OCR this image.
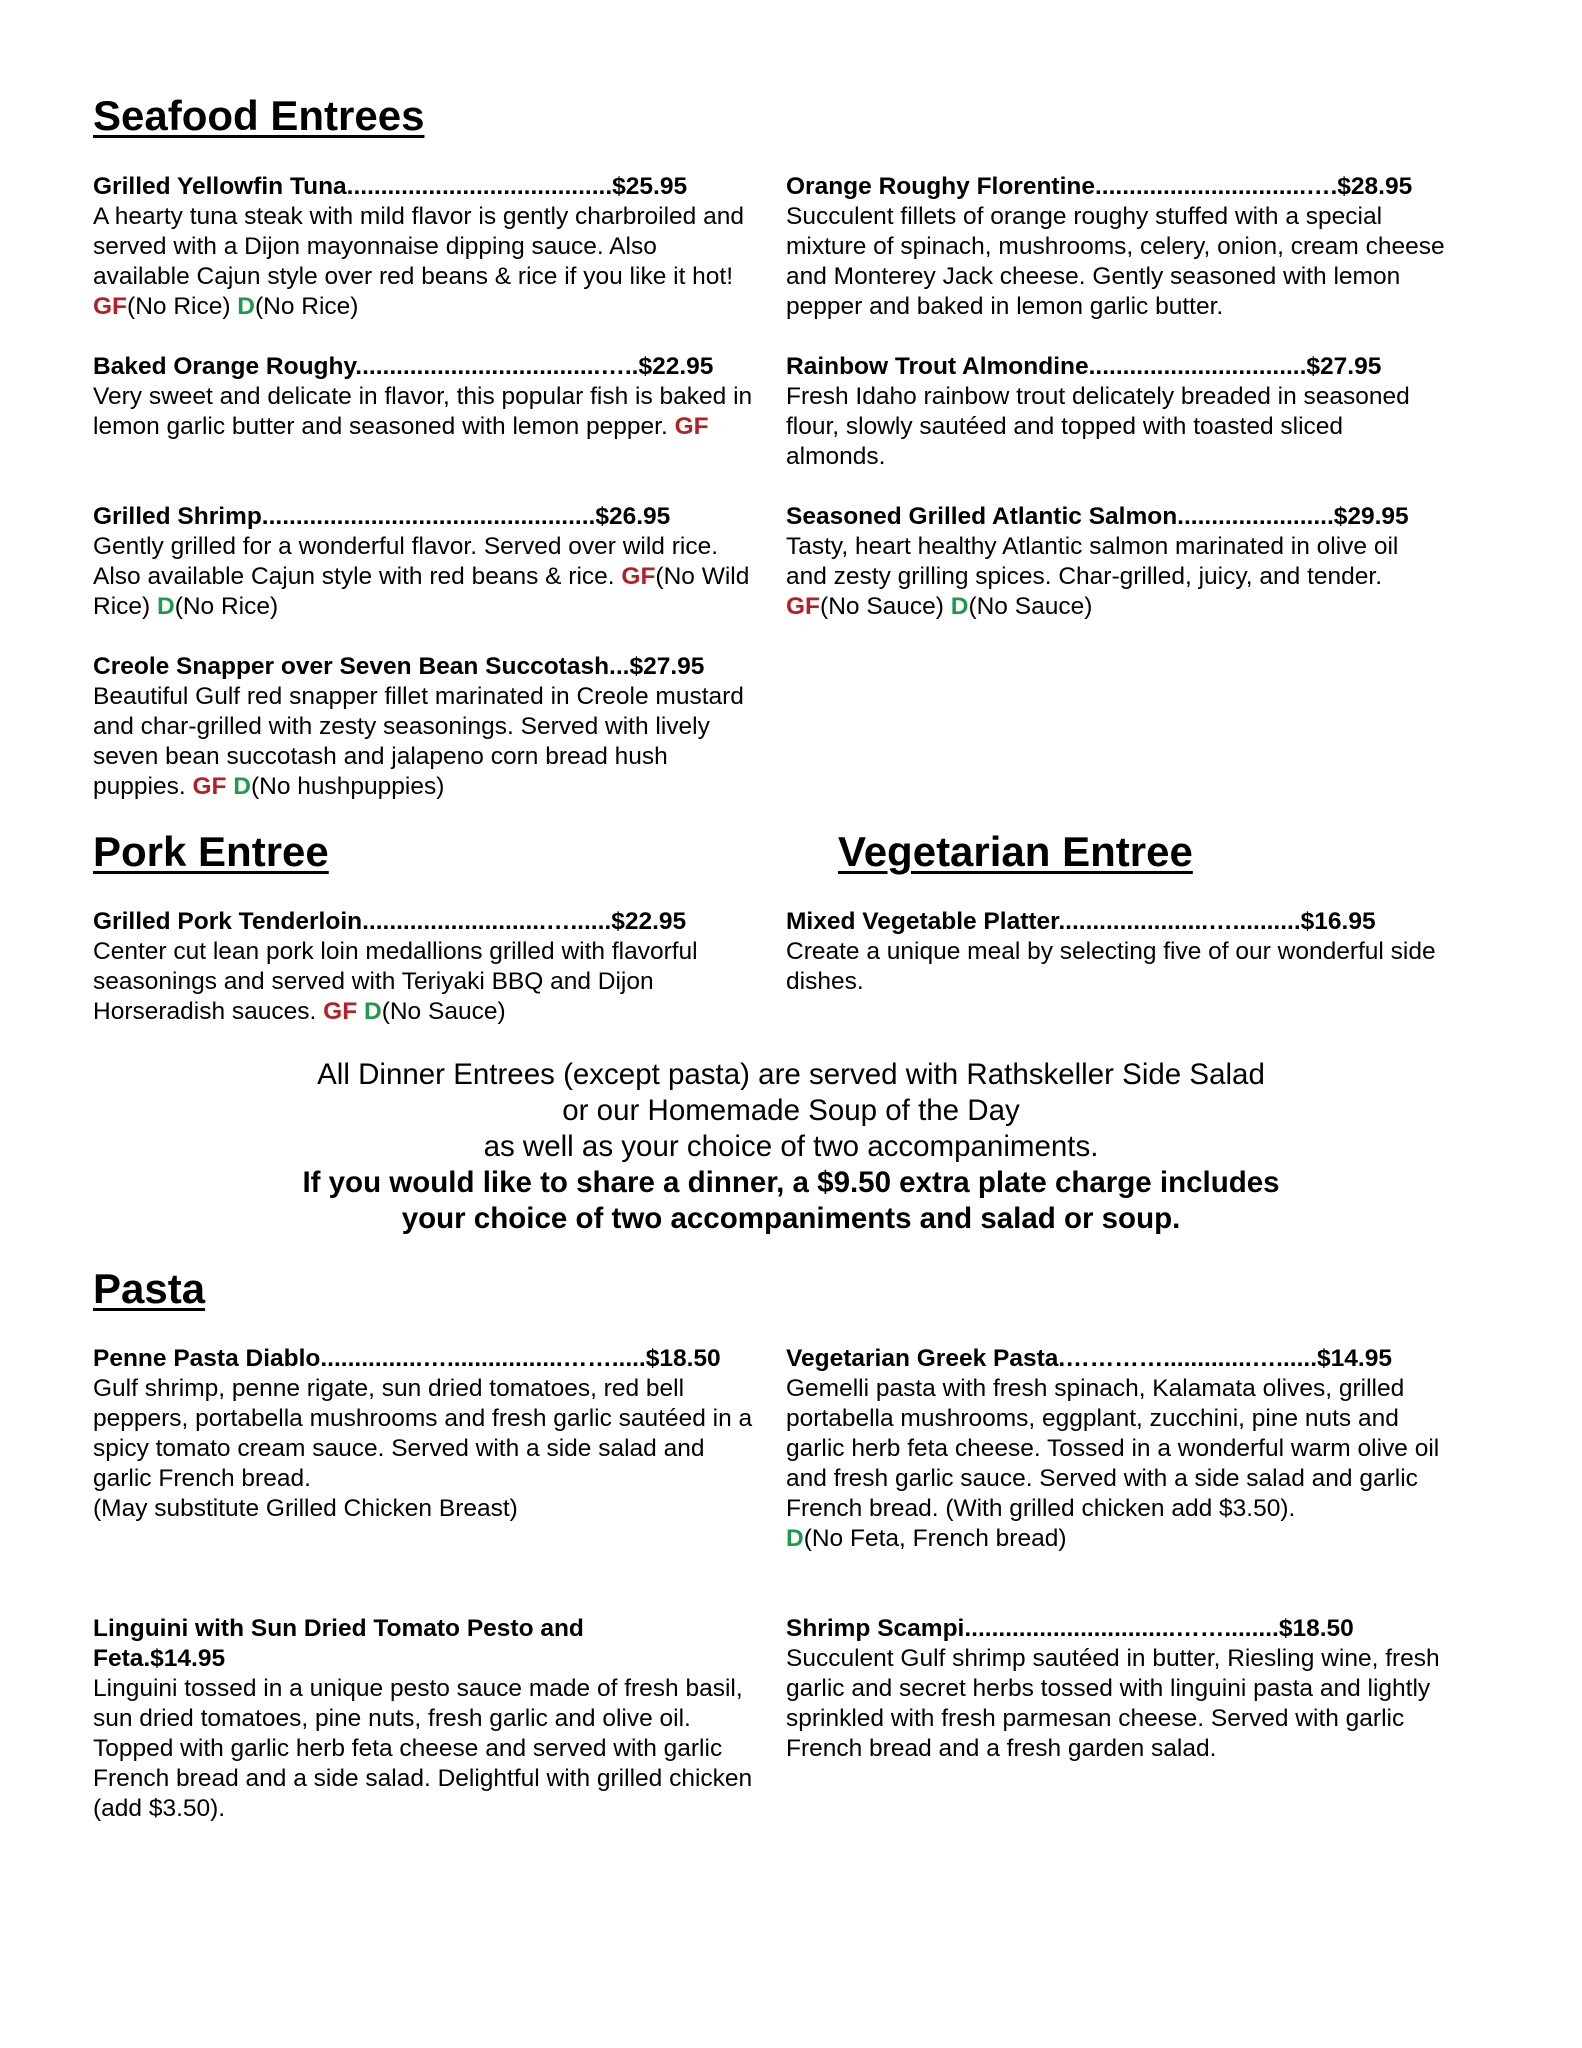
Seafood Entrees
Grilled Yellowfin Tuna.......................................$25.95
A hearty tuna steak with mild flavor is gently charbroiled and served with a Dijon mayonnaise dipping sauce. Also available Cajun style over red beans & rice if you like it hot! GF(No Rice) D(No Rice)
Orange Roughy Florentine...............................….$28.95
Succulent fillets of orange roughy stuffed with a special mixture of spinach, mushrooms, celery, onion, cream cheese and Monterey Jack cheese. Gently seasoned with lemon pepper and baked in lemon garlic butter.
Baked Orange Roughy....................................…..$22.95
Very sweet and delicate in flavor, this popular fish is baked in lemon garlic butter and seasoned with lemon pepper. GF
Rainbow Trout Almondine................................$27.95
Fresh Idaho rainbow trout delicately breaded in seasoned flour, slowly sautéed and topped with toasted sliced almonds.
Grilled Shrimp.................................................$26.95
Gently grilled for a wonderful flavor. Served over wild rice. Also available Cajun style with red beans & rice. GF(No Wild Rice) D(No Rice)
Seasoned Grilled Atlantic Salmon.......................$29.95
Tasty, heart healthy Atlantic salmon marinated in olive oil and zesty grilling spices. Char-grilled, juicy, and tender. GF(No Sauce) D(No Sauce)
Creole Snapper over Seven Bean Succotash...$27.95
Beautiful Gulf red snapper fillet marinated in Creole mustard and char-grilled with zesty seasonings. Served with lively seven bean succotash and jalapeno corn bread hush puppies. GF D(No hushpuppies)
Pork Entree	Vegetarian Entree
Grilled Pork Tenderloin...........................…......$22.95
Center cut lean pork loin medallions grilled with flavorful seasonings and served with Teriyaki BBQ and Dijon Horseradish sauces. GF D(No Sauce)
Mixed Vegetable Platter......................…..........$16.95
Create a unique meal by selecting five of our wonderful side dishes.
All Dinner Entrees (except pasta) are served with Rathskeller Side Salad
or our Homemade Soup of the Day
as well as your choice of two accompaniments.
If you would like to share a dinner, a $9.50 extra plate charge includes
your choice of two accompaniments and salad or soup.
Pasta
Penne Pasta Diablo...............….................…….....$18.50
Gulf shrimp, penne rigate, sun dried tomatoes, red bell peppers, portabella mushrooms and fresh garlic sautéed in a spicy tomato cream sauce. Served with a side salad and garlic French bread.
(May substitute Grilled Chicken Breast)
Vegetarian Greek Pasta.………….............…......$14.95
Gemelli pasta with fresh spinach, Kalamata olives, grilled portabella mushrooms, eggplant, zucchini, pine nuts and garlic herb feta cheese. Tossed in a wonderful warm olive oil and fresh garlic sauce. Served with a side salad and garlic French bread. (With grilled chicken add $3.50).
D(No Feta, French bread)
Linguini with Sun Dried Tomato Pesto and Feta.$14.95
Linguini tossed in a unique pesto sauce made of fresh basil, sun dried tomatoes, pine nuts, fresh garlic and olive oil. Topped with garlic herb feta cheese and served with garlic French bread and a side salad. Delightful with grilled chicken (add $3.50).
Shrimp Scampi...............................……........$18.50
Succulent Gulf shrimp sautéed in butter, Riesling wine, fresh garlic and secret herbs tossed with linguini pasta and lightly sprinkled with fresh parmesan cheese. Served with garlic French bread and a fresh garden salad.
